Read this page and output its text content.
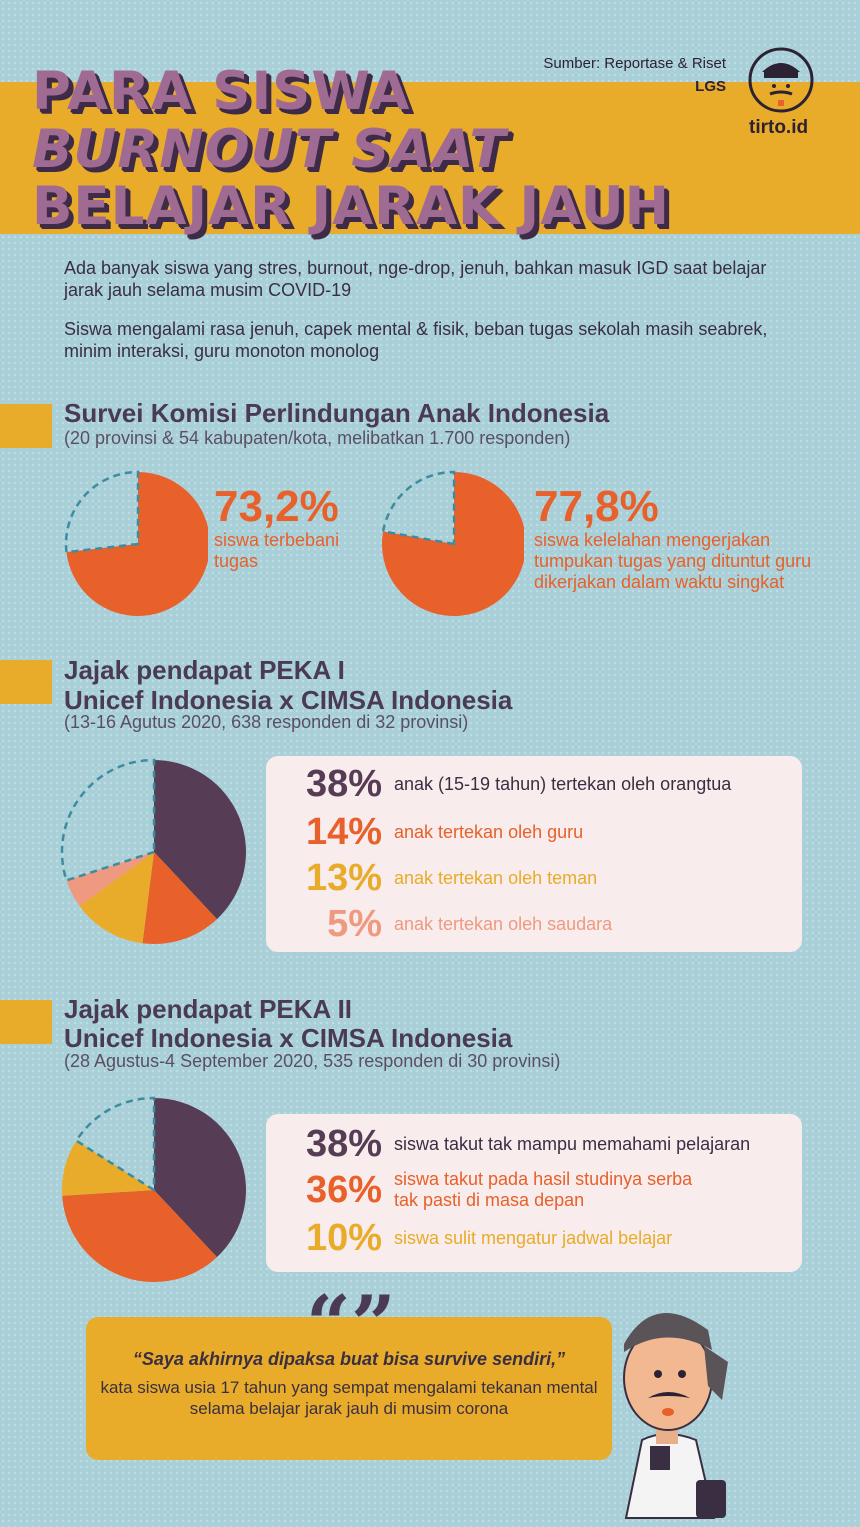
PARA SISWA
BURNOUT SAAT
BELAJAR JARAK JAUH
Sumber: Reportase & Riset
LGS
tirto.id
Ada banyak siswa yang stres, burnout, nge-drop, jenuh, bahkan masuk IGD saat belajar jarak jauh selama musim COVID-19
Siswa mengalami rasa jenuh, capek mental & fisik, beban tugas sekolah masih seabrek, minim interaksi, guru monoton monolog
Survei Komisi Perlindungan Anak Indonesia
(20 provinsi & 54 kabupaten/kota, melibatkan 1.700 responden)
73,2%
siswa terbebani tugas
77,8%
siswa kelelahan mengerjakan tumpukan tugas yang dituntut guru dikerjakan dalam waktu singkat
Jajak pendapat PEKA I
Unicef Indonesia x CIMSA Indonesia
(13-16 Agutus 2020, 638 responden di 32 provinsi)
38% anak (15-19 tahun) tertekan oleh orangtua
14% anak tertekan oleh guru
13% anak tertekan oleh teman
5% anak tertekan oleh saudara
Jajak pendapat PEKA II
Unicef Indonesia x CIMSA Indonesia
(28 Agustus-4 September 2020, 535 responden di 30 provinsi)
38% siswa takut tak mampu memahami pelajaran
36% siswa takut pada hasil studinya serba tak pasti di masa depan
10% siswa sulit mengatur jadwal belajar
“”
“Saya akhirnya dipaksa buat bisa survive sendiri,”
kata siswa usia 17 tahun yang sempat mengalami tekanan mental selama belajar jarak jauh di musim corona
